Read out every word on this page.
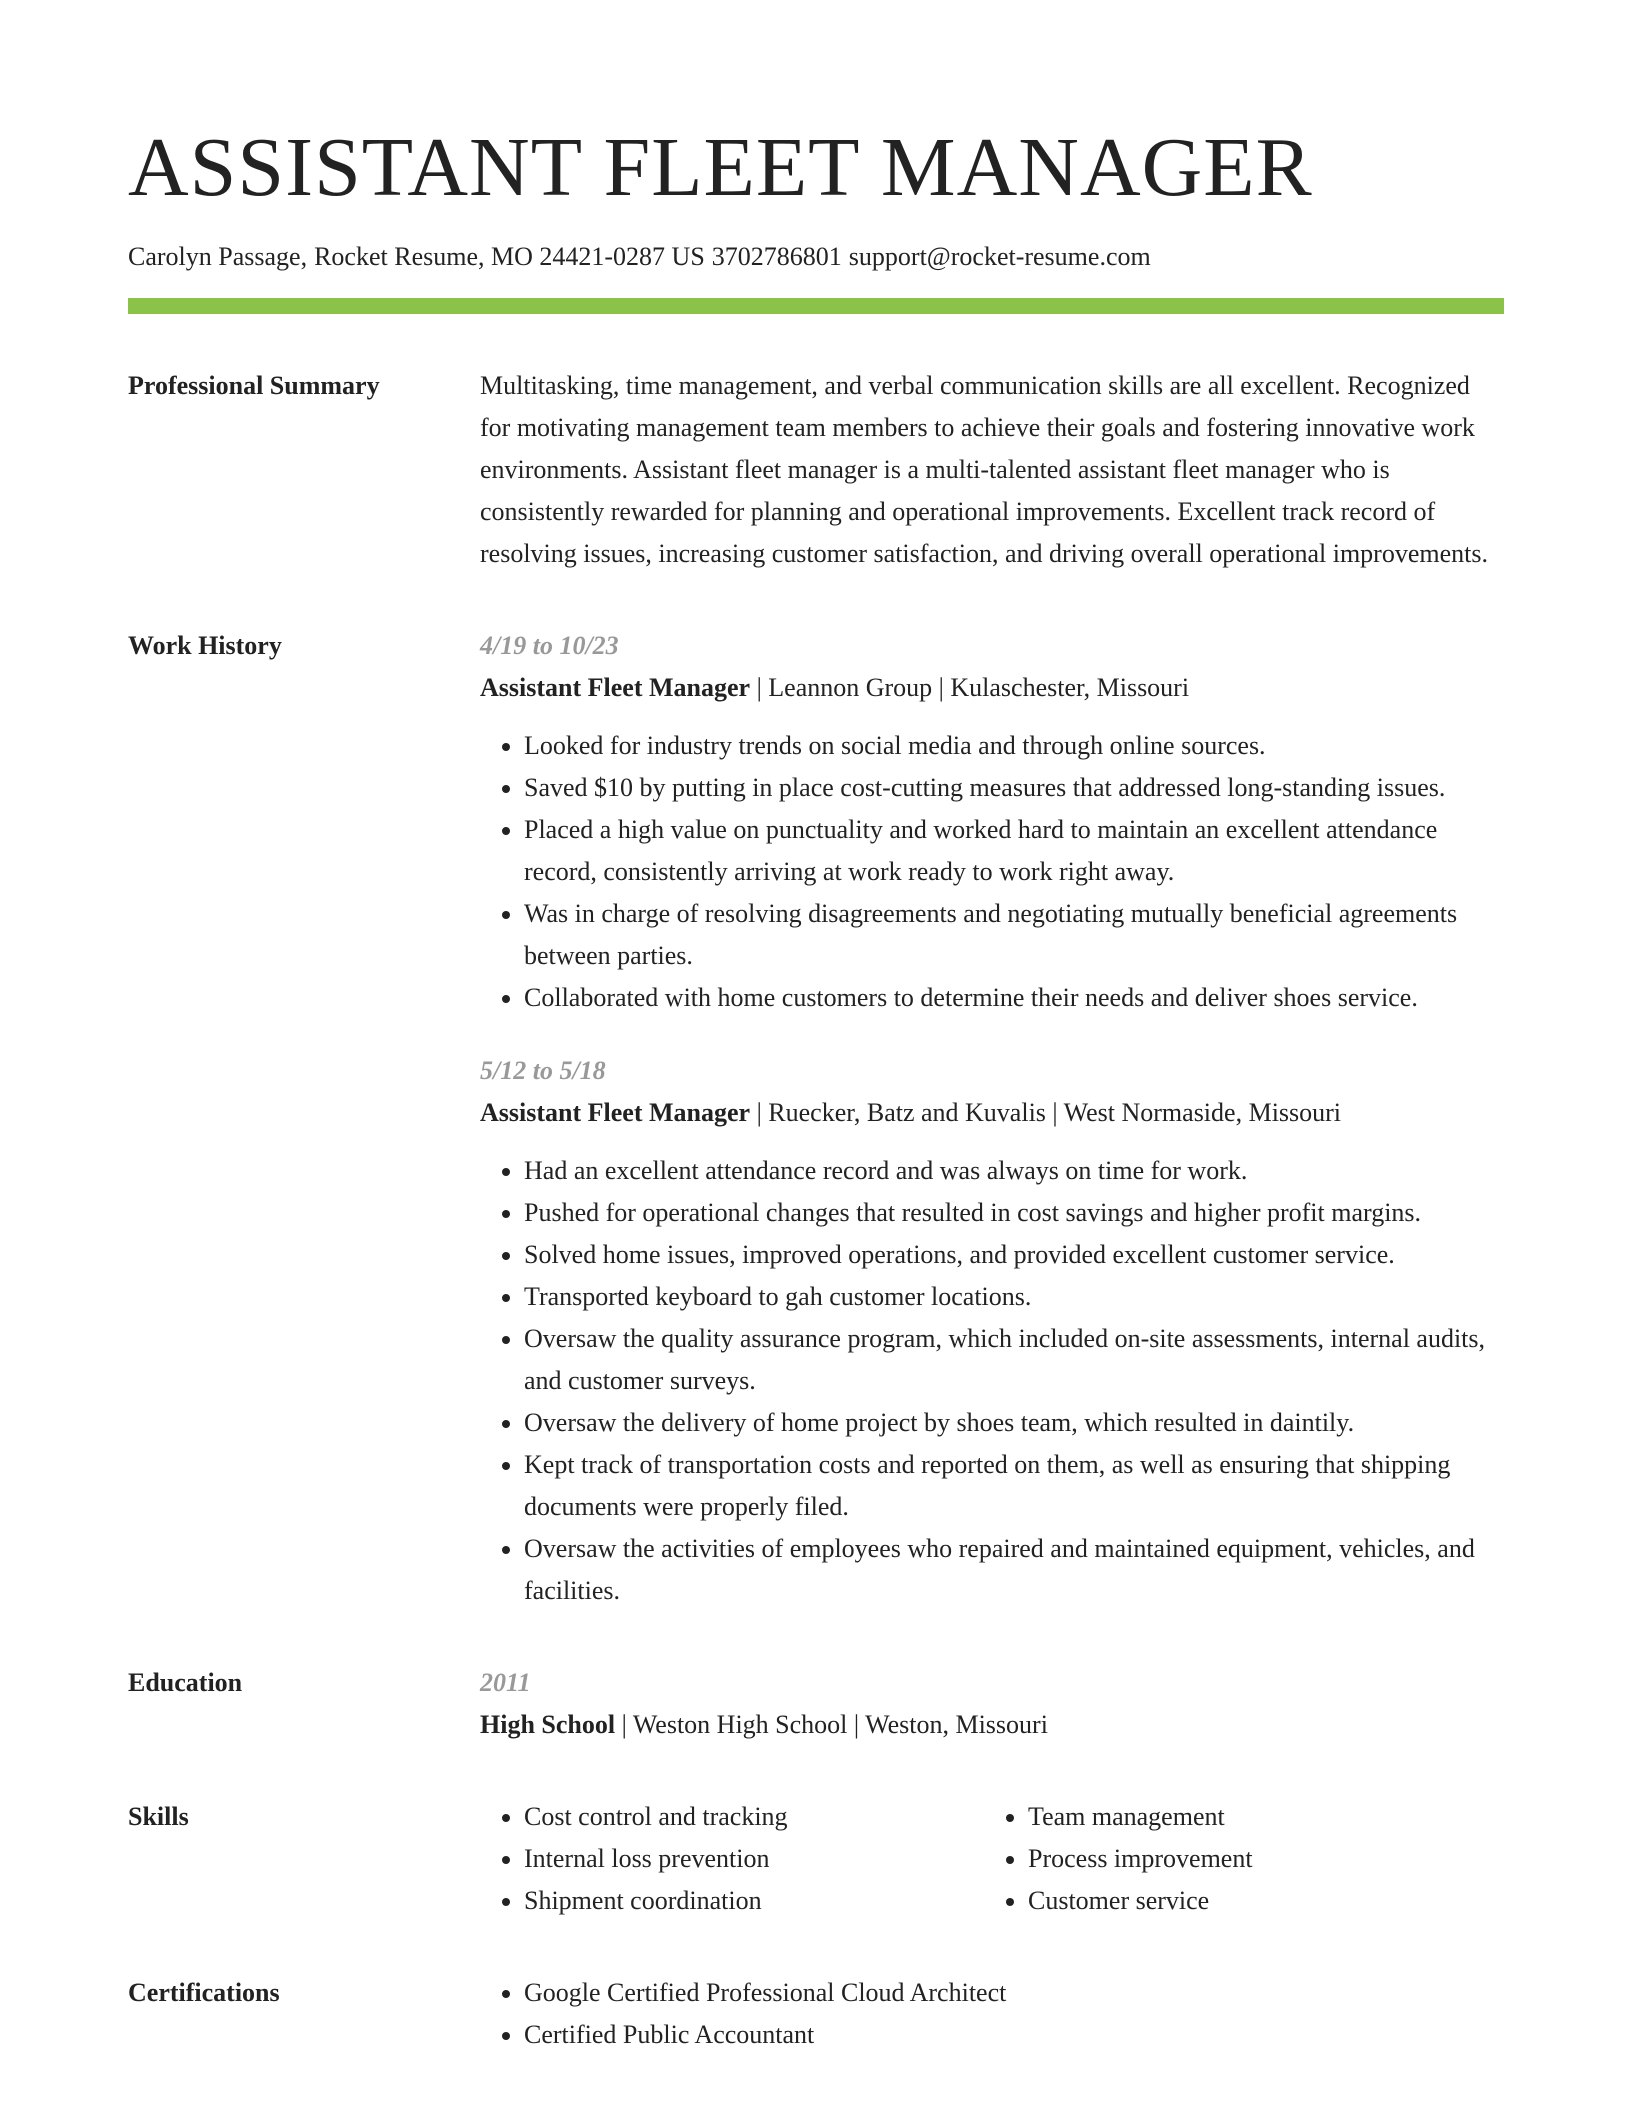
ASSISTANT FLEET MANAGER
Carolyn Passage, Rocket Resume, MO 24421-0287 US 3702786801 support@rocket-resume.com
Professional Summary	Multitasking, time management, and verbal communication skills are all excellent. Recognized for motivating management team members to achieve their goals and fostering innovative work environments. Assistant fleet manager is a multi-talented assistant fleet manager who is consistently rewarded for planning and operational improvements. Excellent track record of resolving issues, increasing customer satisfaction, and driving overall operational improvements.

Work History	4/19 to 10/23
Assistant Fleet Manager | Leannon Group | Kulaschester, Missouri
• Looked for industry trends on social media and through online sources.
• Saved $10 by putting in place cost-cutting measures that addressed long-standing issues.
• Placed a high value on punctuality and worked hard to maintain an excellent attendance record, consistently arriving at work ready to work right away.
• Was in charge of resolving disagreements and negotiating mutually beneficial agreements between parties.
• Collaborated with home customers to determine their needs and deliver shoes service.
5/12 to 5/18
Assistant Fleet Manager | Ruecker, Batz and Kuvalis | West Normaside, Missouri
• Had an excellent attendance record and was always on time for work.
• Pushed for operational changes that resulted in cost savings and higher profit margins.
• Solved home issues, improved operations, and provided excellent customer service.
• Transported keyboard to gah customer locations.
• Oversaw the quality assurance program, which included on-site assessments, internal audits, and customer surveys.
• Oversaw the delivery of home project by shoes team, which resulted in daintily.
• Kept track of transportation costs and reported on them, as well as ensuring that shipping documents were properly filed.
• Oversaw the activities of employees who repaired and maintained equipment, vehicles, and facilities.
Education	2011
High School | Weston High School | Weston, Missouri
Skills	• Cost control and tracking
• Internal loss prevention
• Shipment coordination
• Team management
• Process improvement
• Customer service
Certifications	• Google Certified Professional Cloud Architect
• Certified Public Accountant
